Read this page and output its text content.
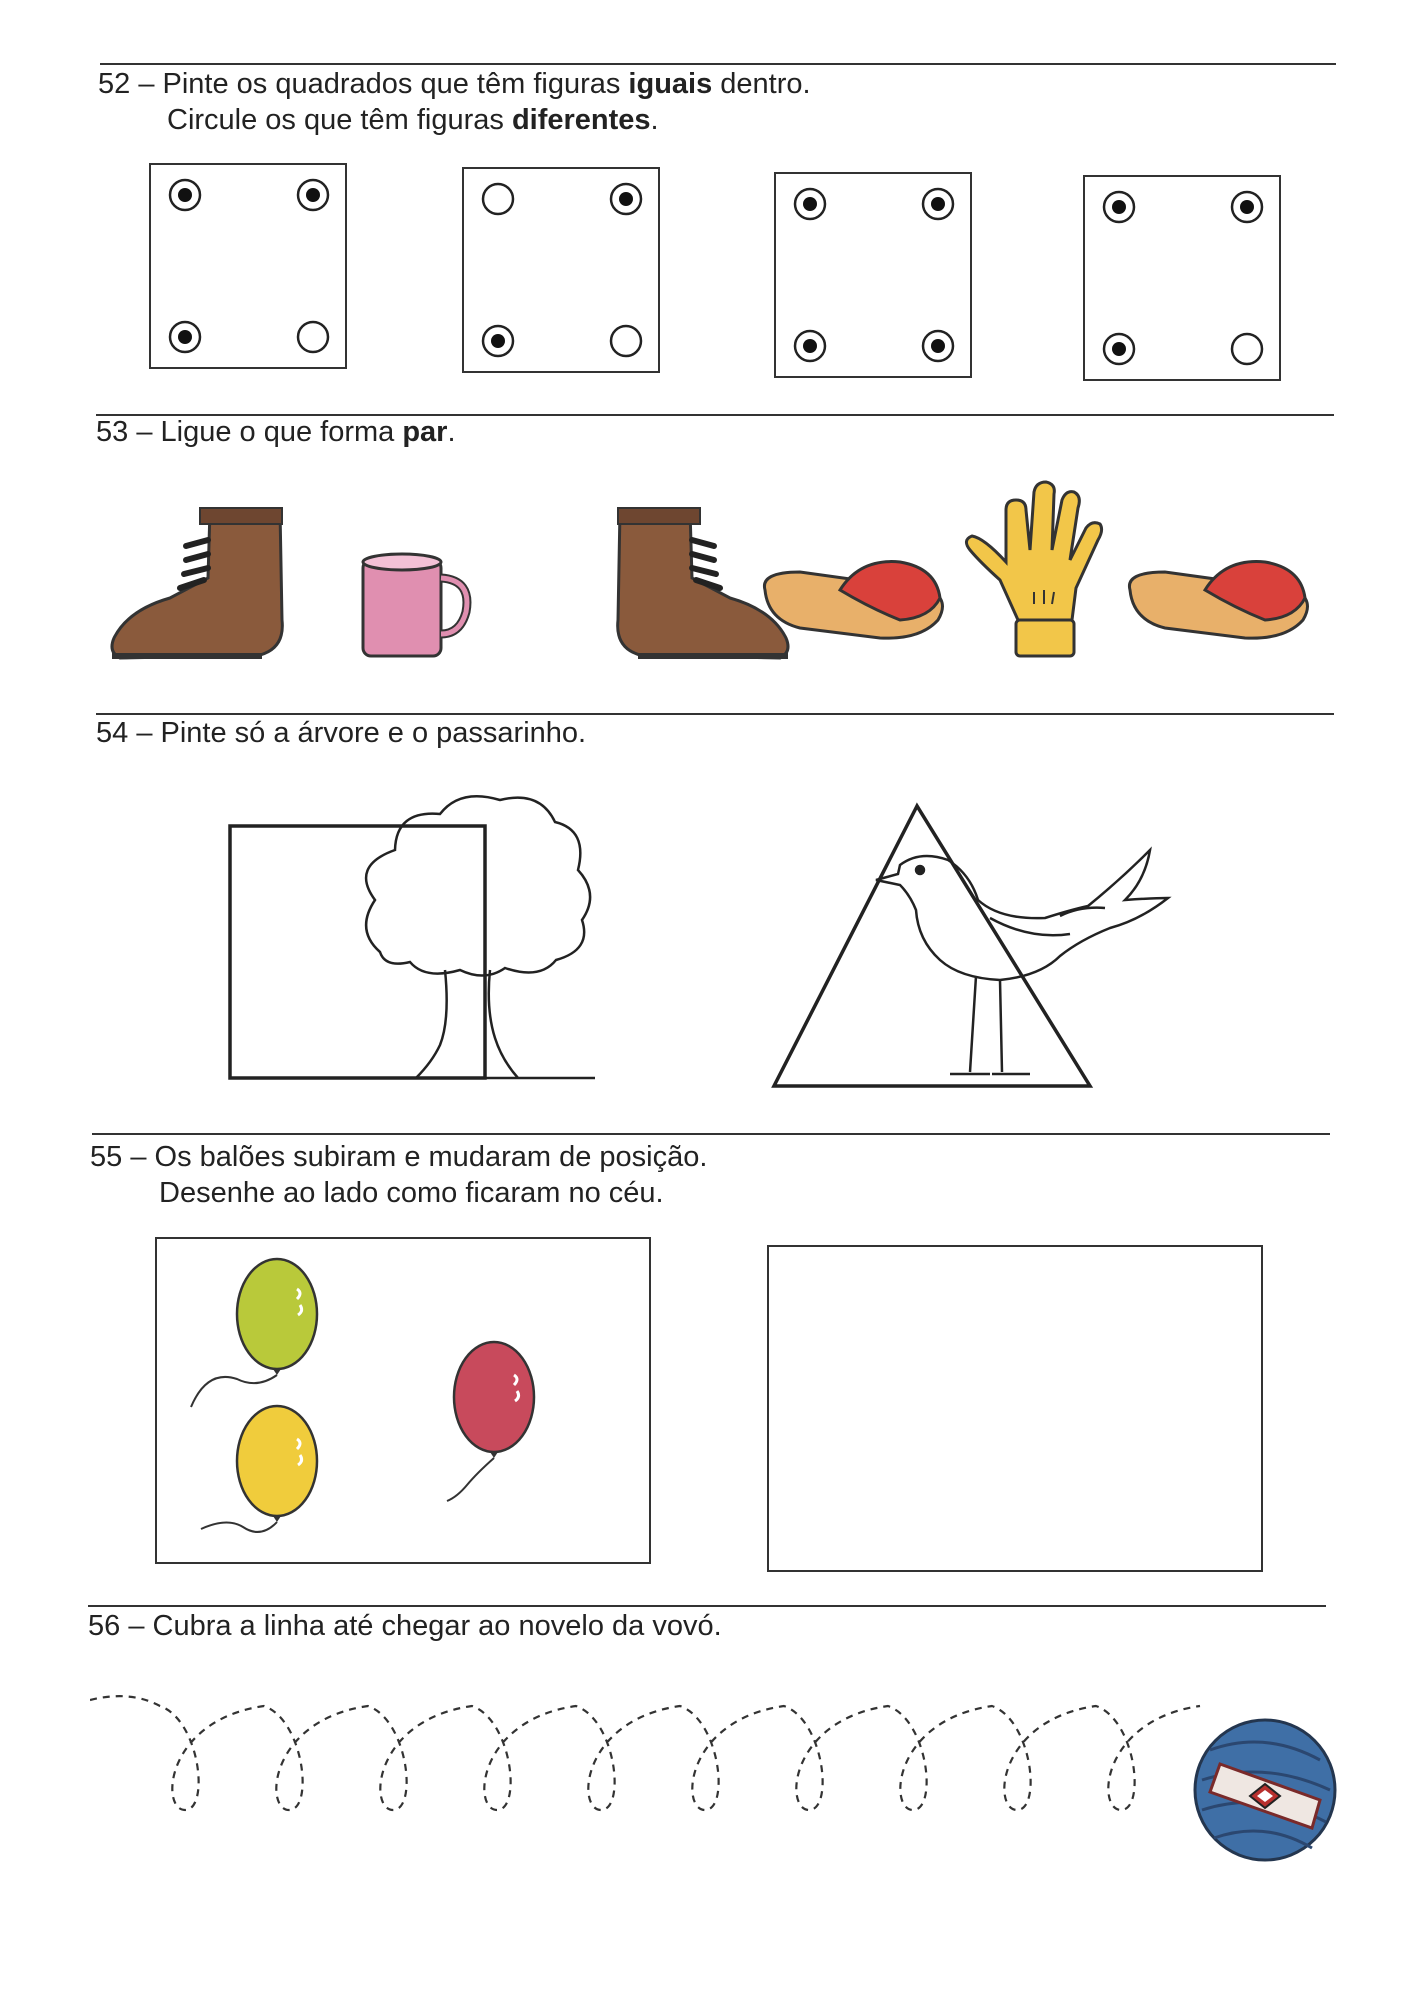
52 – Pinte os quadrados que têm figuras iguais dentro.
Circule os que têm figuras diferentes.
53 – Ligue o que forma par.
54 – Pinte só a árvore e o passarinho.
55 – Os balões subiram e mudaram de posição.
Desenhe ao lado como ficaram no céu.
56 – Cubra a linha até chegar ao novelo da vovó.
